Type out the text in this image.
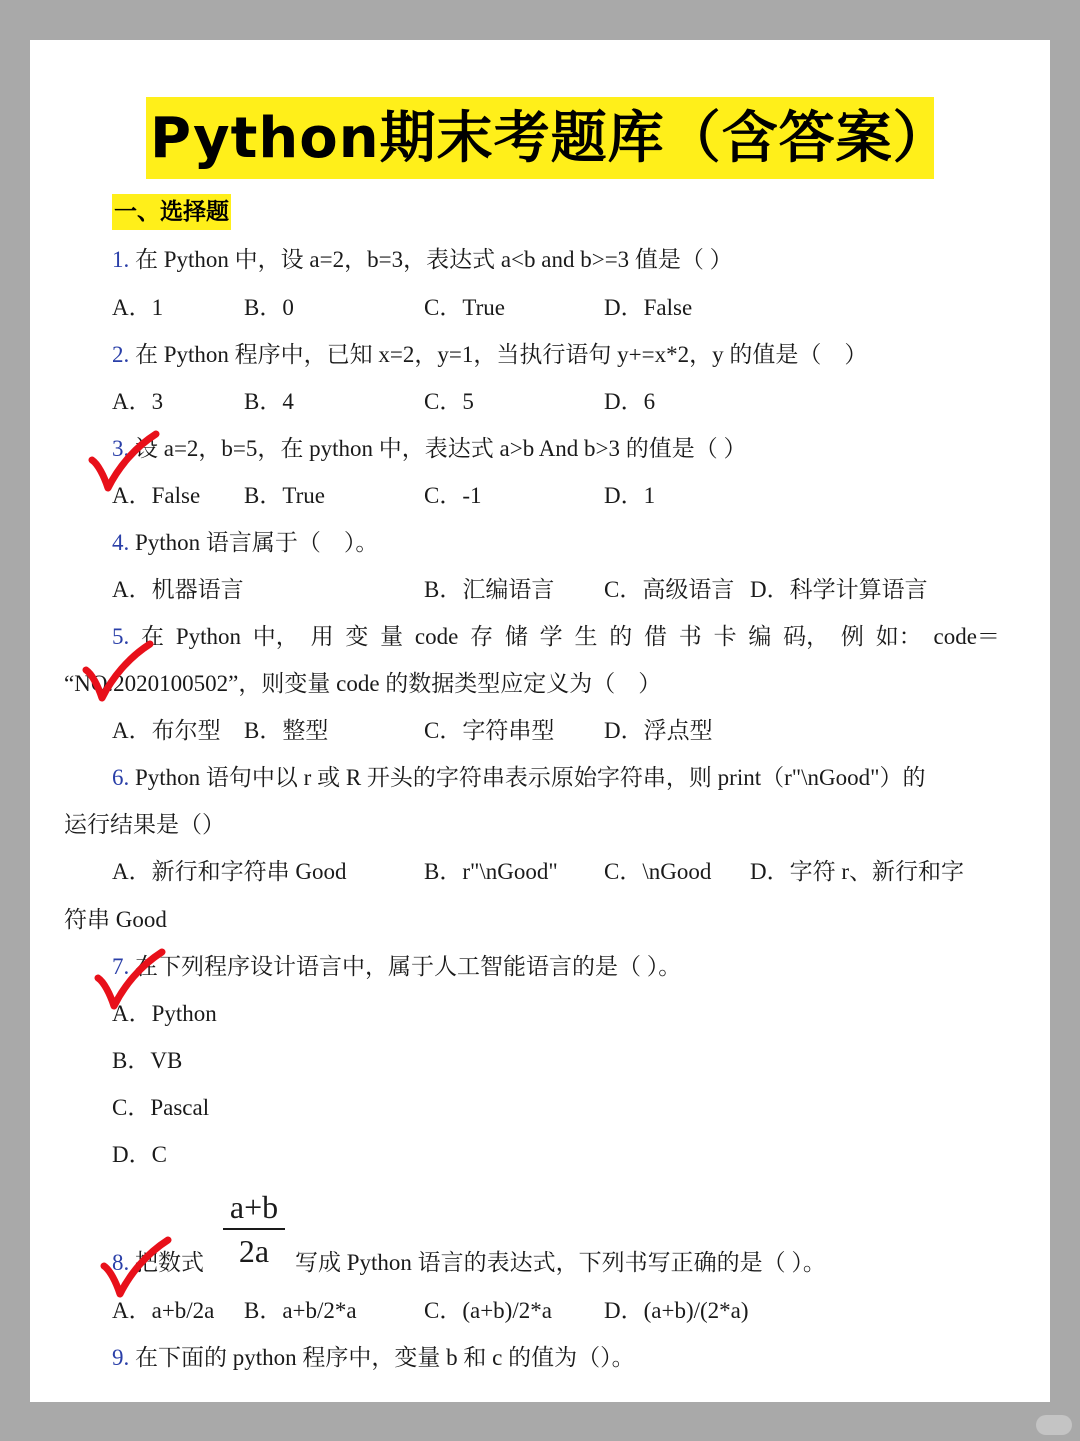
Python期末考题库（含答案）
一、选择题
1. 在 Python 中，设 a=2，b=3，表达式 a<b and b>=3 值是（ ）
A．1	B．0	C．True	D．False
2. 在 Python 程序中，已知 x=2，y=1，当执行语句 y+=x*2，y 的值是（　）
A．3	B．4	C．5	D．6
3. 设 a=2，b=5，在 python 中，表达式 a>b And b>3 的值是（ ）
A．False B．True	C．-1	D．1
4. Python 语言属于（　）。
A．机器语言	B．汇编语言 C．高级语言 D．科学计算语言
5. 在 Python 中， 用 变 量 code 存 储 学 生 的 借 书 卡 编 码， 例 如： code＝
“NO.2020100502”，则变量 code 的数据类型应定义为（　）
A．布尔型 B．整型	C．字符串型 D．浮点型
6. Python 语句中以 r 或 R 开头的字符串表示原始字符串，则 print（r"\nGood"）的
运行结果是（）
A．新行和字符串 Good	B．r"\nGood" C．\nGood D．字符 r、新行和字
符串 Good
7. 在下列程序设计语言中，属于人工智能语言的是（ ）。
A．Python
B．VB
C．Pascal
D．C
a+b
2a
8. 把数式	写成 Python 语言的表达式，下列书写正确的是（ ）。
A．a+b/2a B．a+b/2*a	C．(a+b)/2*a D．(a+b)/(2*a)
9. 在下面的 python 程序中，变量 b 和 c 的值为（）。
